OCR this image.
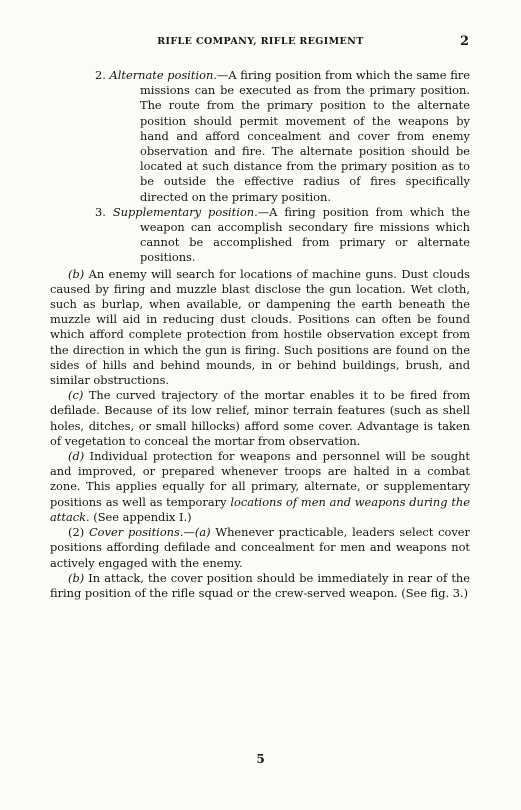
RIFLE COMPANY, RIFLE REGIMENT	2

2. Alternate position.—A firing position from which the same fire missions can be executed as from the primary position. The route from the primary position to the alternate position should permit movement of the weapons by hand and afford concealment and cover from enemy observation and fire. The alternate position should be located at such distance from the primary position as to be outside the effective radius of fires specifically directed on the primary position.

3. Supplementary position.—A firing position from which the weapon can accomplish secondary fire missions which cannot be accomplished from primary or alternate positions.

(b) An enemy will search for locations of machine guns. Dust clouds caused by firing and muzzle blast disclose the gun location. Wet cloth, such as burlap, when available, or dampening the earth beneath the muzzle will aid in reducing dust clouds. Positions can often be found which afford complete protection from hostile observation except from the direction in which the gun is firing. Such positions are found on the sides of hills and behind mounds, in or behind buildings, brush, and similar obstructions.

(c) The curved trajectory of the mortar enables it to be fired from defilade. Because of its low relief, minor terrain features (such as shell holes, ditches, or small hillocks) afford some cover. Advantage is taken of vegetation to conceal the mortar from observation.

(d) Individual protection for weapons and personnel will be sought and improved, or prepared whenever troops are halted in a combat zone. This applies equally for all primary, alternate, or supplementary positions as well as temporary locations of men and weapons during the attack. (See appendix I.)

(2) Cover positions.—(a) Whenever practicable, leaders select cover positions affording defilade and concealment for men and weapons not actively engaged with the enemy.

(b) In attack, the cover position should be immediately in rear of the firing position of the rifle squad or the crew-served weapon. (See fig. 3.)

5
